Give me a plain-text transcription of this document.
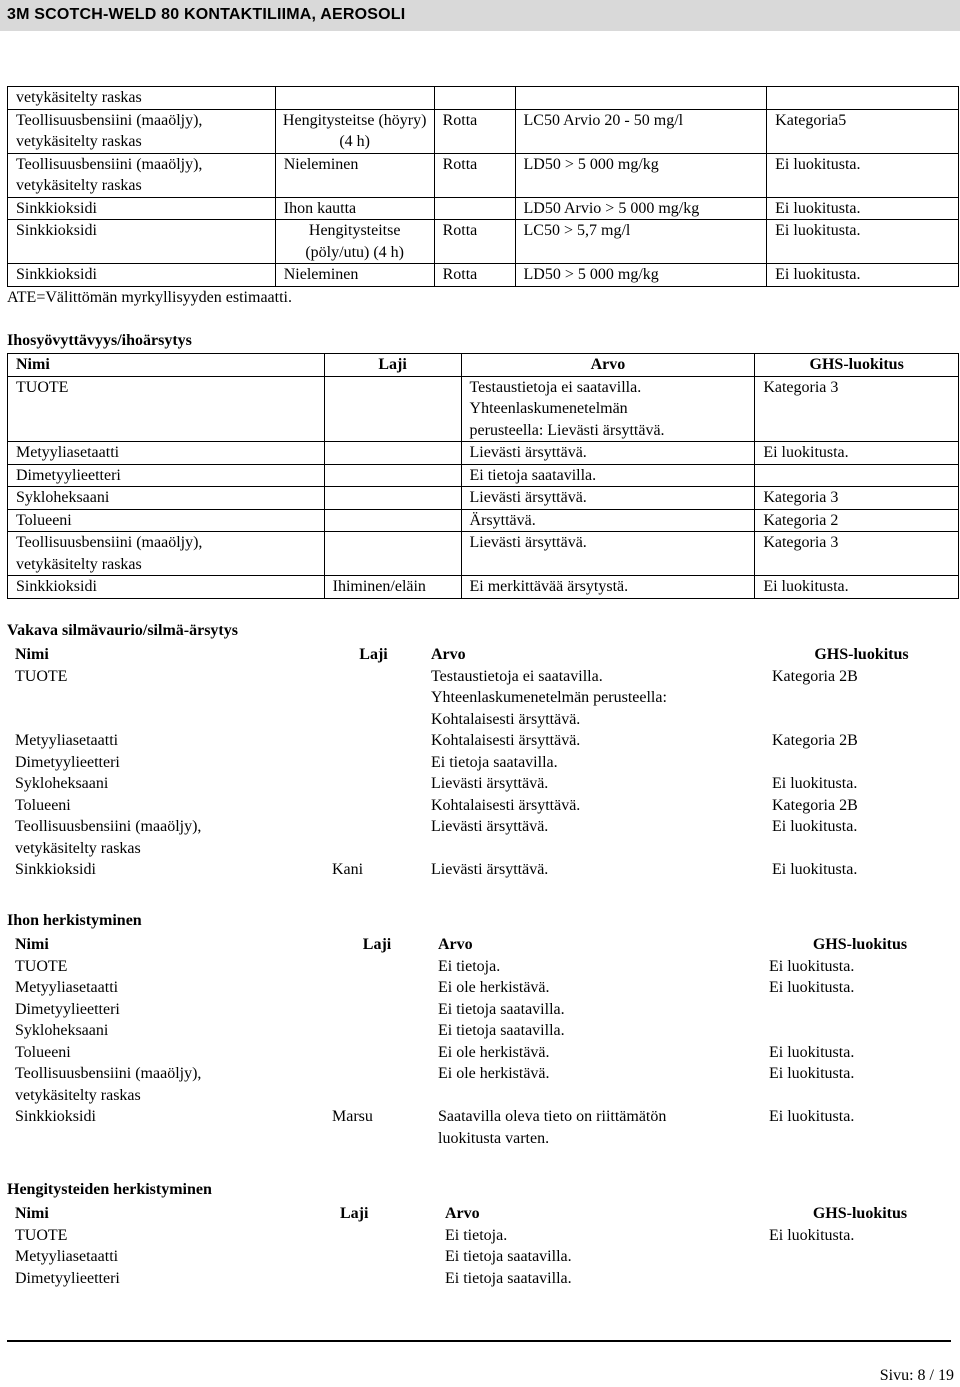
3M SCOTCH-WELD 80 KONTAKTILIIMA, AEROSOLI
vetykäsitelty raskas				
Teollisuusbensiini (maaöljy), vetykäsitelty raskas	Hengitysteitse (höyry) (4 h)	Rotta	LC50 Arvio 20 - 50 mg/l	Kategoria5
Teollisuusbensiini (maaöljy), vetykäsitelty raskas	Nieleminen	Rotta	LD50 > 5 000 mg/kg	Ei luokitusta.
Sinkkioksidi	Ihon kautta		LD50 Arvio > 5 000 mg/kg	Ei luokitusta.
Sinkkioksidi	Hengitysteitse (pöly/utu) (4 h)	Rotta	LC50 > 5,7 mg/l	Ei luokitusta.
Sinkkioksidi	Nieleminen	Rotta	LD50 > 5 000 mg/kg	Ei luokitusta.
ATE=Välittömän myrkyllisyyden estimaatti.
Ihosyövyttävyys/ihoärsytys
Nimi	Laji	Arvo	GHS-luokitus
TUOTE		Testaustietoja ei saatavilla. Yhteenlaskumenetelmän perusteella: Lievästi ärsyttävä.	Kategoria 3
Metyyliasetaatti		Lievästi ärsyttävä.	Ei luokitusta.
Dimetyylieetteri		Ei tietoja saatavilla.	
Sykloheksaani		Lievästi ärsyttävä.	Kategoria 3
Tolueeni		Ärsyttävä.	Kategoria 2
Teollisuusbensiini (maaöljy), vetykäsitelty raskas		Lievästi ärsyttävä.	Kategoria 3
Sinkkioksidi	Ihiminen/eläin	Ei merkittävää ärsytystä.	Ei luokitusta.
Vakava silmävaurio/silmä-ärsytys
Nimi	Laji	Arvo	GHS-luokitus
TUOTE		Testaustietoja ei saatavilla. Yhteenlaskumenetelmän perusteella: Kohtalaisesti ärsyttävä.	Kategoria 2B
Metyyliasetaatti		Kohtalaisesti ärsyttävä.	Kategoria 2B
Dimetyylieetteri		Ei tietoja saatavilla.	
Sykloheksaani		Lievästi ärsyttävä.	Ei luokitusta.
Tolueeni		Kohtalaisesti ärsyttävä.	Kategoria 2B
Teollisuusbensiini (maaöljy), vetykäsitelty raskas		Lievästi ärsyttävä.	Ei luokitusta.
Sinkkioksidi	Kani	Lievästi ärsyttävä.	Ei luokitusta.
Ihon herkistyminen
Nimi	Laji	Arvo	GHS-luokitus
TUOTE		Ei tietoja.	Ei luokitusta.
Metyyliasetaatti		Ei ole herkistävä.	Ei luokitusta.
Dimetyylieetteri		Ei tietoja saatavilla.	
Sykloheksaani		Ei tietoja saatavilla.	
Tolueeni		Ei ole herkistävä.	Ei luokitusta.
Teollisuusbensiini (maaöljy), vetykäsitelty raskas		Ei ole herkistävä.	Ei luokitusta.
Sinkkioksidi	Marsu	Saatavilla oleva tieto on riittämätön luokitusta varten.	Ei luokitusta.
Hengitysteiden herkistyminen
Nimi	Laji	Arvo	GHS-luokitus
TUOTE		Ei tietoja.	Ei luokitusta.
Metyyliasetaatti		Ei tietoja saatavilla.	
Dimetyylieetteri		Ei tietoja saatavilla.	
Sivu: 8 / 19
